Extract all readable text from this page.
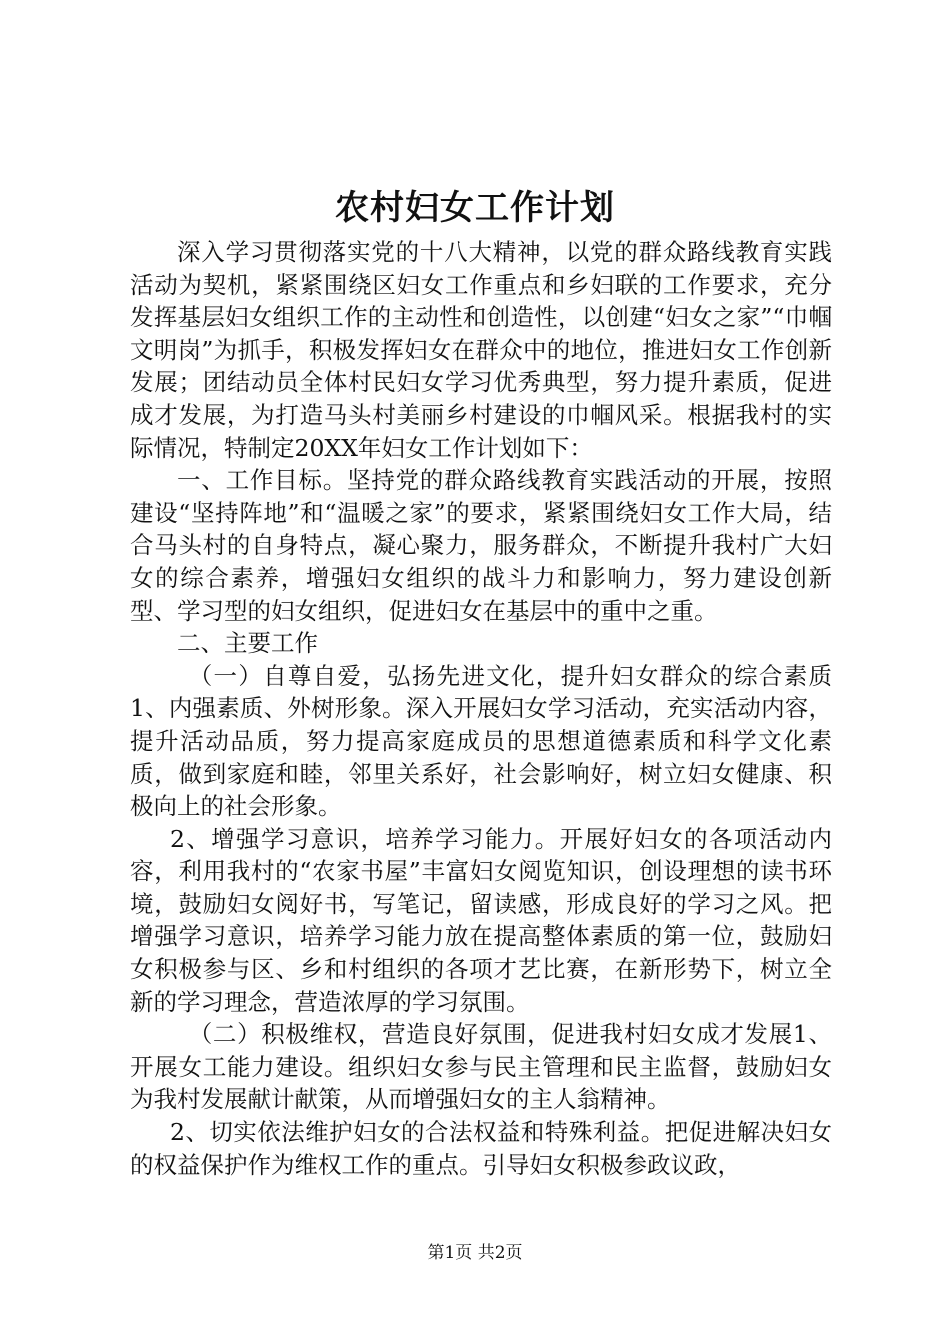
农村妇女工作计划

深入学习贯彻落实党的十八大精神，以党的群众路线教育实践活动为契机，紧紧围绕区妇女工作重点和乡妇联的工作要求，充分发挥基层妇女组织工作的主动性和创造性，以创建“妇女之家”“巾帼文明岗”为抓手，积极发挥妇女在群众中的地位，推进妇女工作创新发展；团结动员全体村民妇女学习优秀典型，努力提升素质，促进成才发展，为打造马头村美丽乡村建设的巾帼风采。根据我村的实际情况，特制定20XX年妇女工作计划如下：

一、工作目标。坚持党的群众路线教育实践活动的开展，按照建设“坚持阵地”和“温暖之家”的要求，紧紧围绕妇女工作大局，结合马头村的自身特点，凝心聚力，服务群众，不断提升我村广大妇女的综合素养，增强妇女组织的战斗力和影响力，努力建设创新型、学习型的妇女组织，促进妇女在基层中的重中之重。

二、主要工作

（一）自尊自爱，弘扬先进文化，提升妇女群众的综合素质1、内强素质、外树形象。深入开展妇女学习活动，充实活动内容，提升活动品质，努力提高家庭成员的思想道德素质和科学文化素质，做到家庭和睦，邻里关系好，社会影响好，树立妇女健康、积极向上的社会形象。

2、增强学习意识，培养学习能力。开展好妇女的各项活动内容，利用我村的“农家书屋”丰富妇女阅览知识，创设理想的读书环境，鼓励妇女阅好书，写笔记，留读感，形成良好的学习之风。把增强学习意识，培养学习能力放在提高整体素质的第一位，鼓励妇女积极参与区、乡和村组织的各项才艺比赛，在新形势下，树立全新的学习理念，营造浓厚的学习氛围。

（二）积极维权，营造良好氛围，促进我村妇女成才发展1、开展女工能力建设。组织妇女参与民主管理和民主监督，鼓励妇女为我村发展献计献策，从而增强妇女的主人翁精神。

2、切实依法维护妇女的合法权益和特殊利益。把促进解决妇女的权益保护作为维权工作的重点。引导妇女积极参政议政，

第1页 共2页
